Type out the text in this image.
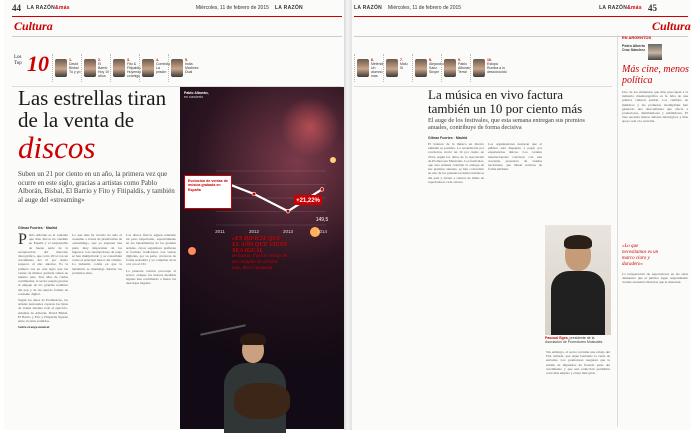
44 LA RAZÓN&más	Miércoles, 11 de febrero de 2015 LA RAZÓN
Cultura
Los Top 10	1.
David Bisbal
Tú y yo
2.
El Barrio
Hoy 10 años
3.
Fito & Fitipaldis
Huyendo conmigo
4.
Comedia
La prisión
5.
India Martínez
Dual
Las estrellas tiran de la venta de
discos
Suben un 21 por ciento en un año, la primera vez que ocurre en este siglo, gracias a artistas como Pablo Alborán, Bisbal, El Barrio y Fito y Fitipaldis, y también al auge del «streaming»
Gilmar Fuertes · Madrid
P ablo Alborán es el cantante que más discos ha vendido en España y el responsable de buena parte de la recuperación del mercado discográfico, que cerró 2014 con un crecimiento del 21 por ciento respecto al año anterior. Es la primera vez en este siglo que las ventas de música grabada suben en nuestro país. Tras años de caídas continuadas, el sector respira gracias al empuje de los grandes nombres del pop y de las nuevas formas de consumo digital.

Según los datos de Promusicae, los artistas nacionales coparon las listas de ventas durante todo el ejercicio. Además de Alborán, David Bisbal, El Barrio y Fito y Fitipaldis figuran entre los más vendidos.

Sobre el auge musical

Lo que más ha crecido ha sido el consumo a través de plataformas de «streaming», que ya suponen una parte muy importante de los ingresos. Las suscripciones de pago se han multiplicado y se consolidan como el principal motor del cambio. La industria confía en que la tendencia se mantenga durante los próximos años.
Los discos físicos siguen teniendo un peso importante, especialmente en los lanzamientos de los grandes artistas, cuyos seguidores prefieren el formato tradicional. Las ventas digitales, por su parte, crecieron de forma sostenida y ya compiten de tú a tú con el CD.

La piratería todavía preocupa al sector, aunque las nuevas medidas legales han contribuido a frenar las descargas ilegales.

Pablo Alborán,
en concierto
2011	2012	2013	2014
+21,22%
149,5
Evolución de ventas de música grabada en España
«ES DIFÍCIL QUE EL AÑO QUE VIENE SEA IGUAL
de bueno. Fueron ventas de un conjunto de artistas más, dice Guisasola
LA RAZÓN Miércoles, 11 de febrero de 2015	LA RAZÓN&más 45
Cultura
6.
Melendi
Un alumno más
7.
Malú
Sí
8.
Alejandro Sanz
Sirope
9.
Pablo Alborán
Terral
10.
Estopa
Rumba a lo desconocido
La música en vivo factura también un 10 por ciento más
El auge de los festivales, que esta semana entregan sus premios anuales, contribuye de forma decisiva
Gilmar Fuertes · Madrid
El balance de la música en directo también es positivo. La recaudación por conciertos creció un 10 por ciento en 2014, según los datos de la Asociación de Promotores Musicales. Los festivales, que esta semana celebran la entrega de sus premios anuales, se han convertido en uno de los grandes reclamos turísticos del país y atraen a cientos de miles de espectadores cada verano.
Los organizadores destacan que el público está dispuesto a pagar por experiencias únicas. Los carteles internacionales conviven con una creciente presencia de bandas nacionales, que llenan recintos de forma habitual.
Sin embargo, el sector reclama una rebaja del IVA cultural, que sigue lastrando la venta de entradas. Los promotores aseguran que la subida de impuestos ha frenado parte del crecimiento y que una reducción permitiría crear más empleo y atraer más giras.
Pascual Egea, presidente de la Asociación de Promotores Musicales
EN ARGENTOS
Pedro Alberto
Cruz Sánchez
Más cine, menos política
Uno de los elementos que más preocupan a la industria cinematográfica es la falta de una política cultural estable. Los cambios de ministros y las promesas incumplidas han generado una desconfianza que afecta a productores, distribuidores y exhibidores. El cine necesita menos debates ideológicos y más apoyo real a la creación.
«Lo que necesitamos es un marco claro y duradero»
La recuperación de espectadores en las salas demuestra que el público sigue respondiendo cuando encuentra historias que le interesan.
